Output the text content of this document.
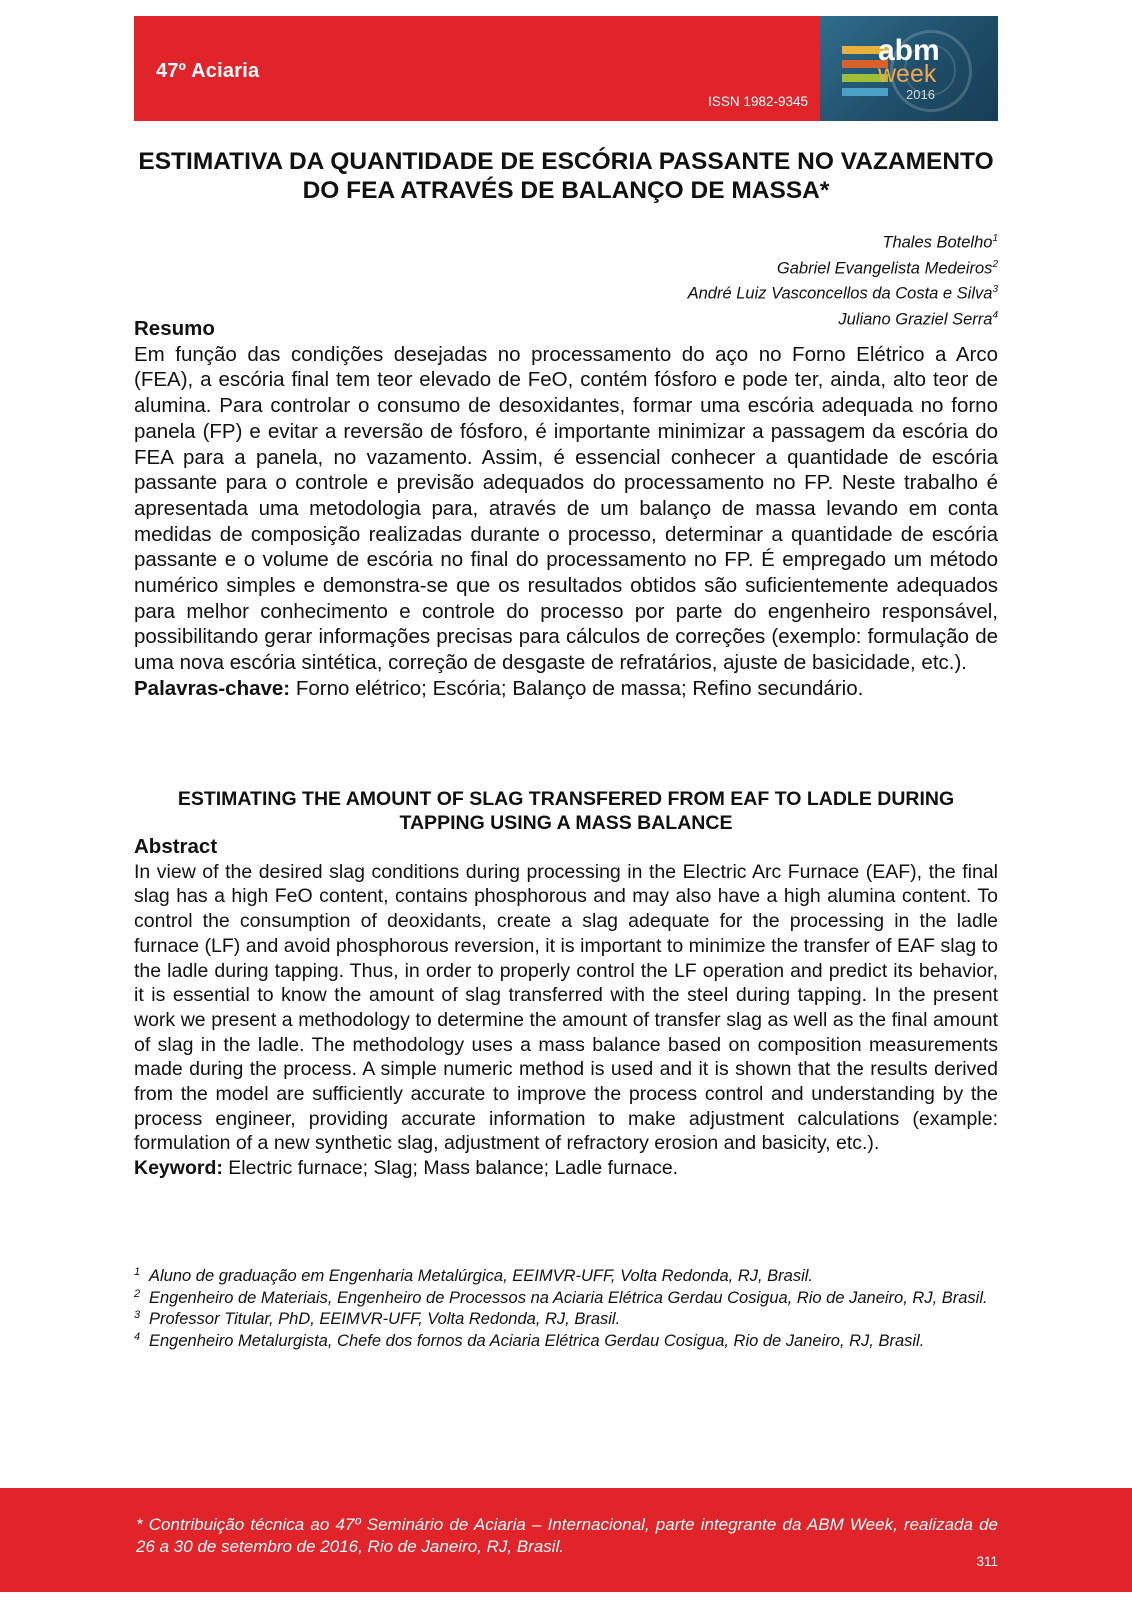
47º Aciaria
ISSN 1982-9345
abm
week
2016
ESTIMATIVA DA QUANTIDADE DE ESCÓRIA PASSANTE NO VAZAMENTO DO FEA ATRAVÉS DE BALANÇO DE MASSA*
Thales Botelho$^1$
Gabriel Evangelista Medeiros$^2$
André Luiz Vasconcellos da Costa e Silva$^3$
Juliano Graziel Serra$^4$
Resumo

Em função das condições desejadas no processamento do aço no Forno Elétrico a Arco (FEA), a escória final tem teor elevado de FeO, contém fósforo e pode ter, ainda, alto teor de alumina. Para controlar o consumo de desoxidantes, formar uma escória adequada no forno panela (FP) e evitar a reversão de fósforo, é importante minimizar a passagem da escória do FEA para a panela, no vazamento. Assim, é essencial conhecer a quantidade de escória passante para o controle e previsão adequados do processamento no FP. Neste trabalho é apresentada uma metodologia para, através de um balanço de massa levando em conta medidas de composição realizadas durante o processo, determinar a quantidade de escória passante e o volume de escória no final do processamento no FP. É empregado um método numérico simples e demonstra-se que os resultados obtidos são suficientemente adequados para melhor conhecimento e controle do processo por parte do engenheiro responsável, possibilitando gerar informações precisas para cálculos de correções (exemplo: formulação de uma nova escória sintética, correção de desgaste de refratários, ajuste de basicidade, etc.).

Palavras-chave: Forno elétrico; Escória; Balanço de massa; Refino secundário.

ESTIMATING THE AMOUNT OF SLAG TRANSFERED FROM EAF TO LADLE DURING TAPPING USING A MASS BALANCE
Abstract

In view of the desired slag conditions during processing in the Electric Arc Furnace (EAF), the final slag has a high FeO content, contains phosphorous and may also have a high alumina content. To control the consumption of deoxidants, create a slag adequate for the processing in the ladle furnace (LF) and avoid phosphorous reversion, it is important to minimize the transfer of EAF slag to the ladle during tapping. Thus, in order to properly control the LF operation and predict its behavior, it is essential to know the amount of slag transferred with the steel during tapping. In the present work we present a methodology to determine the amount of transfer slag as well as the final amount of slag in the ladle. The methodology uses a mass balance based on composition measurements made during the process. A simple numeric method is used and it is shown that the results derived from the model are sufficiently accurate to improve the process control and understanding by the process engineer, providing accurate information to make adjustment calculations (example: formulation of a new synthetic slag, adjustment of refractory erosion and basicity, etc.).

Keyword: Electric furnace; Slag; Mass balance; Ladle furnace.

1 Aluno de graduação em Engenharia Metalúrgica, EEIMVR-UFF, Volta Redonda, RJ, Brasil.
2 Engenheiro de Materiais, Engenheiro de Processos na Aciaria Elétrica Gerdau Cosigua, Rio de Janeiro, RJ, Brasil.
3 Professor Titular, PhD, EEIMVR-UFF, Volta Redonda, RJ, Brasil.
4 Engenheiro Metalurgista, Chefe dos fornos da Aciaria Elétrica Gerdau Cosigua, Rio de Janeiro, RJ, Brasil.
* Contribuição técnica ao 47º Seminário de Aciaria – Internacional, parte integrante da ABM Week, realizada de 26 a 30 de setembro de 2016, Rio de Janeiro, RJ, Brasil.
311
